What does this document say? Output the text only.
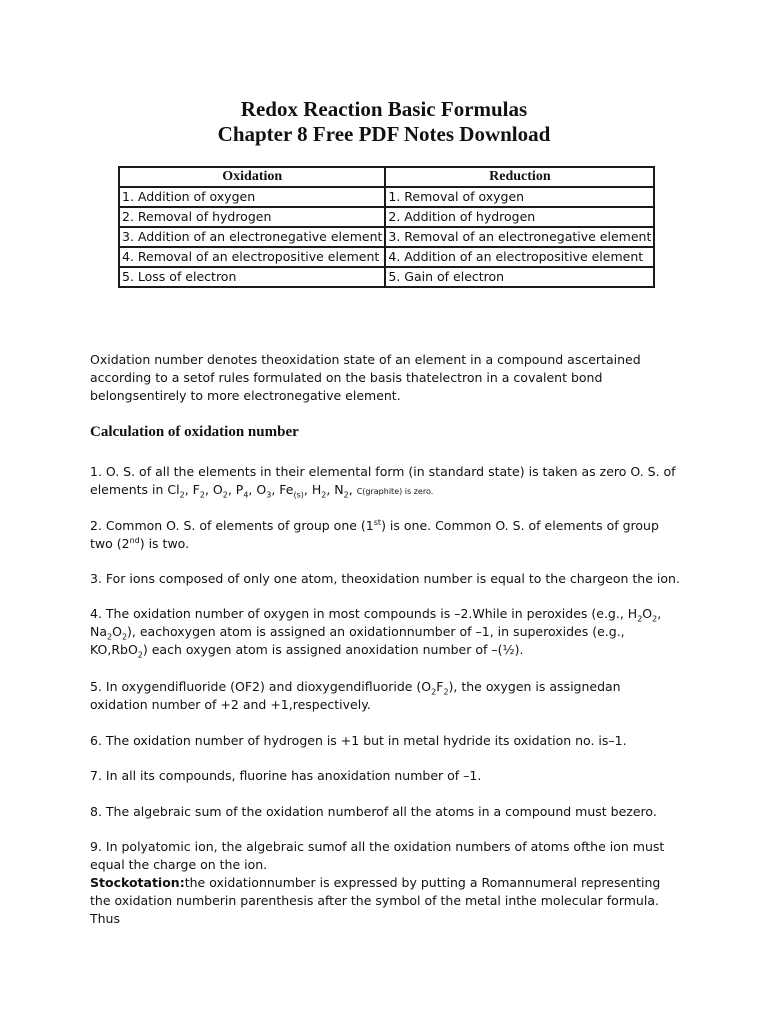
Redox Reaction Basic Formulas
Chapter 8 Free PDF Notes Download
Oxidation	Reduction
1. Addition of oxygen	1. Removal of oxygen
2. Removal of hydrogen	2. Addition of hydrogen
3. Addition of an electronegative element	3. Removal of an electronegative element
4. Removal of an electropositive element	4. Addition of an electropositive element
5. Loss of electron	5. Gain of electron
Oxidation number denotes theoxidation state of an element in a compound ascertained according to a setof rules formulated on the basis thatelectron in a covalent bond belongsentirely to more electronegative element.
Calculation of oxidation number
1. O. S. of all the elements in their elemental form (in standard state) is taken as zero O. S. of elements in $Cl_2$, $F_2$, $O_2$, $P_4$, $O_3$, $Fe_{(s)}$, $H_2$, $N_2$, C(graphite) is zero.
2. Common O. S. of elements of group one (1st) is one. Common O. S. of elements of group two (2nd) is two.
3. For ions composed of only one atom, theoxidation number is equal to the chargeon the ion.
4. The oxidation number of oxygen in most compounds is –2.While in peroxides (e.g., $H_2O_2$, $Na_2O_2$), eachoxygen atom is assigned an oxidationnumber of –1, in superoxides (e.g., KO,RbO$_2$) each oxygen atom is assigned anoxidation number of –(½).
5. In oxygendifluoride (OF2) and dioxygendifluoride $(O_2F_2)$, the oxygen is assignedan oxidation number of +2 and +1,respectively.
6. The oxidation number of hydrogen is +1 but in metal hydride its oxidation no. is–1.
7. In all its compounds, fluorine has anoxidation number of –1.
8. The algebraic sum of the oxidation numberof all the atoms in a compound must bezero.
9. In polyatomic ion, the algebraic sumof all the oxidation numbers of atoms ofthe ion must equal the charge on the ion.
Stockotation:the oxidationnumber is expressed by putting a Romannumeral representing the oxidation numberin parenthesis after the symbol of the metal inthe molecular formula. Thus
